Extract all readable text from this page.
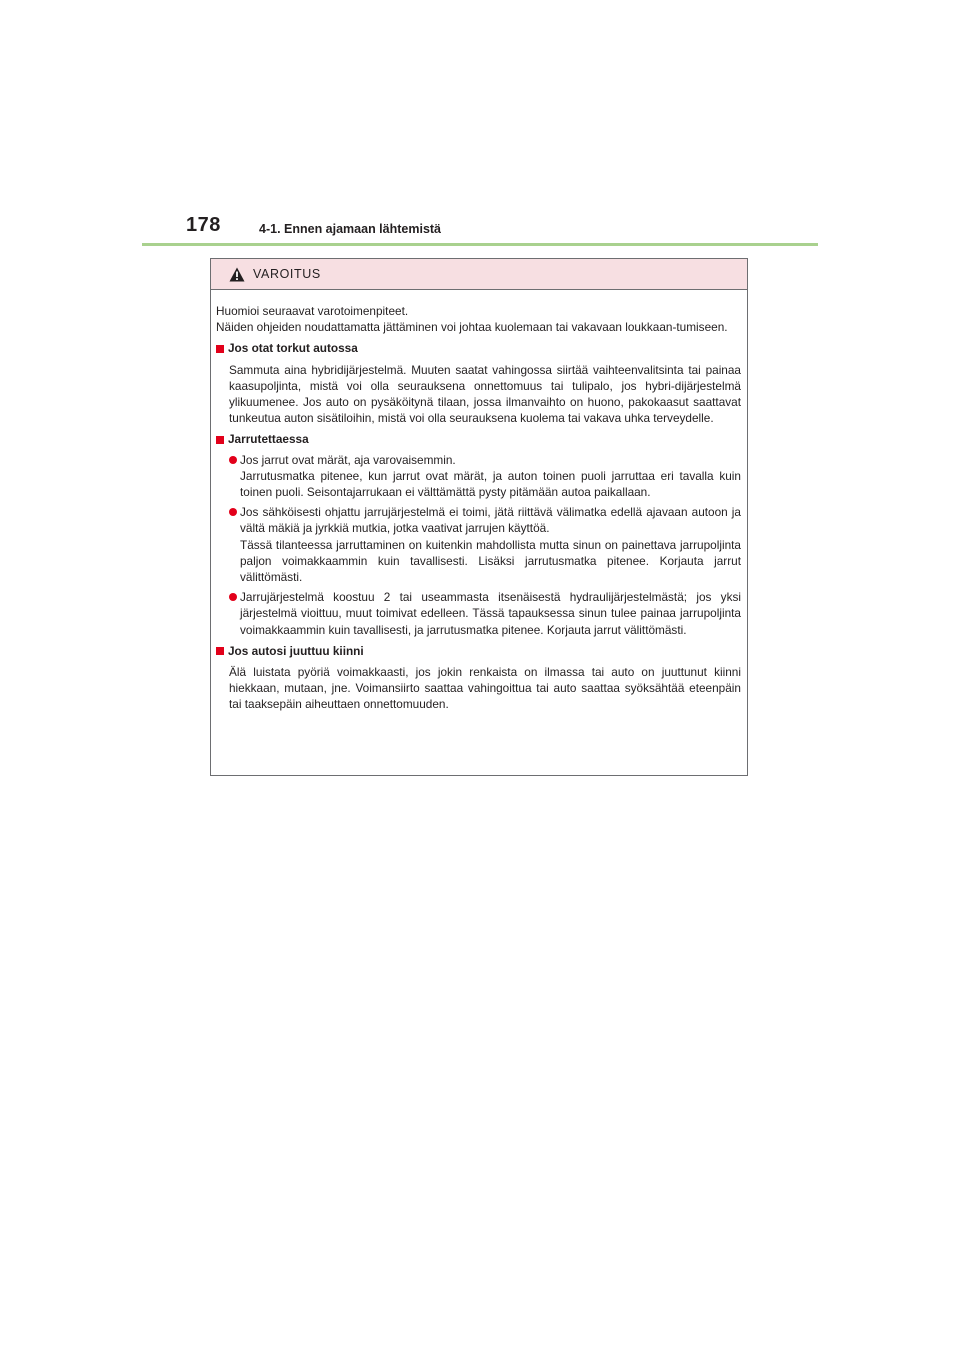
178	4-1. Ennen ajamaan lähtemistä
VAROITUS

Huomioi seuraavat varotoimenpiteet.

Näiden ohjeiden noudattamatta jättäminen voi johtaa kuolemaan tai vakavaan loukkaan-tumiseen.

Jos otat torkut autossa
Sammuta aina hybridijärjestelmä. Muuten saatat vahingossa siirtää vaihteenvalitsinta tai painaa kaasupoljinta, mistä voi olla seurauksena onnettomuus tai tulipalo, jos hybri-dijärjestelmä ylikuumenee. Jos auto on pysäköitynä tilaan, jossa ilmanvaihto on huono, pakokaasut saattavat tunkeutua auton sisätiloihin, mistä voi olla seurauksena kuolema tai vakava uhka terveydelle.
Jarrutettaessa

Jos jarrut ovat märät, aja varovaisemmin.

Jarrutusmatka pitenee, kun jarrut ovat märät, ja auton toinen puoli jarruttaa eri tavalla kuin toinen puoli. Seisontajarrukaan ei välttämättä pysty pitämään autoa paikallaan.

Jos sähköisesti ohjattu jarrujärjestelmä ei toimi, jätä riittävä välimatka edellä ajavaan autoon ja vältä mäkiä ja jyrkkiä mutkia, jotka vaativat jarrujen käyttöä.

Tässä tilanteessa jarruttaminen on kuitenkin mahdollista mutta sinun on painettava jarrupoljinta paljon voimakkaammin kuin tavallisesti. Lisäksi jarrutusmatka pitenee. Korjauta jarrut välittömästi.

Jarrujärjestelmä koostuu 2 tai useammasta itsenäisestä hydraulijärjestelmästä; jos yksi järjestelmä vioittuu, muut toimivat edelleen. Tässä tapauksessa sinun tulee painaa jarrupoljinta voimakkaammin kuin tavallisesti, ja jarrutusmatka pitenee. Korjauta jarrut välittömästi.

Jos autosi juuttuu kiinni
Älä luistata pyöriä voimakkaasti, jos jokin renkaista on ilmassa tai auto on juuttunut kiinni hiekkaan, mutaan, jne. Voimansiirto saattaa vahingoittua tai auto saattaa syöksähtää eteenpäin tai taaksepäin aiheuttaen onnettomuuden.
